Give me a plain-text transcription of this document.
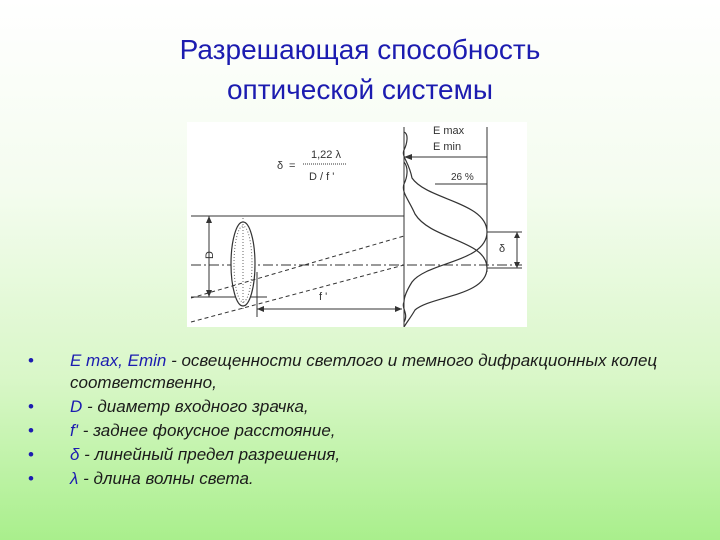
Разрешающая способность
оптической системы
δ =
1,22 λ
D / f '
E max
E min
26 %
D
f '
δ
• E max, Emin - освещенности светлого и темного дифракционных колец соответственно,
• D - диаметр входного зрачка,
• f' - заднее фокусное расстояние,
• δ - линейный предел разрешения,
• λ - длина волны света.
